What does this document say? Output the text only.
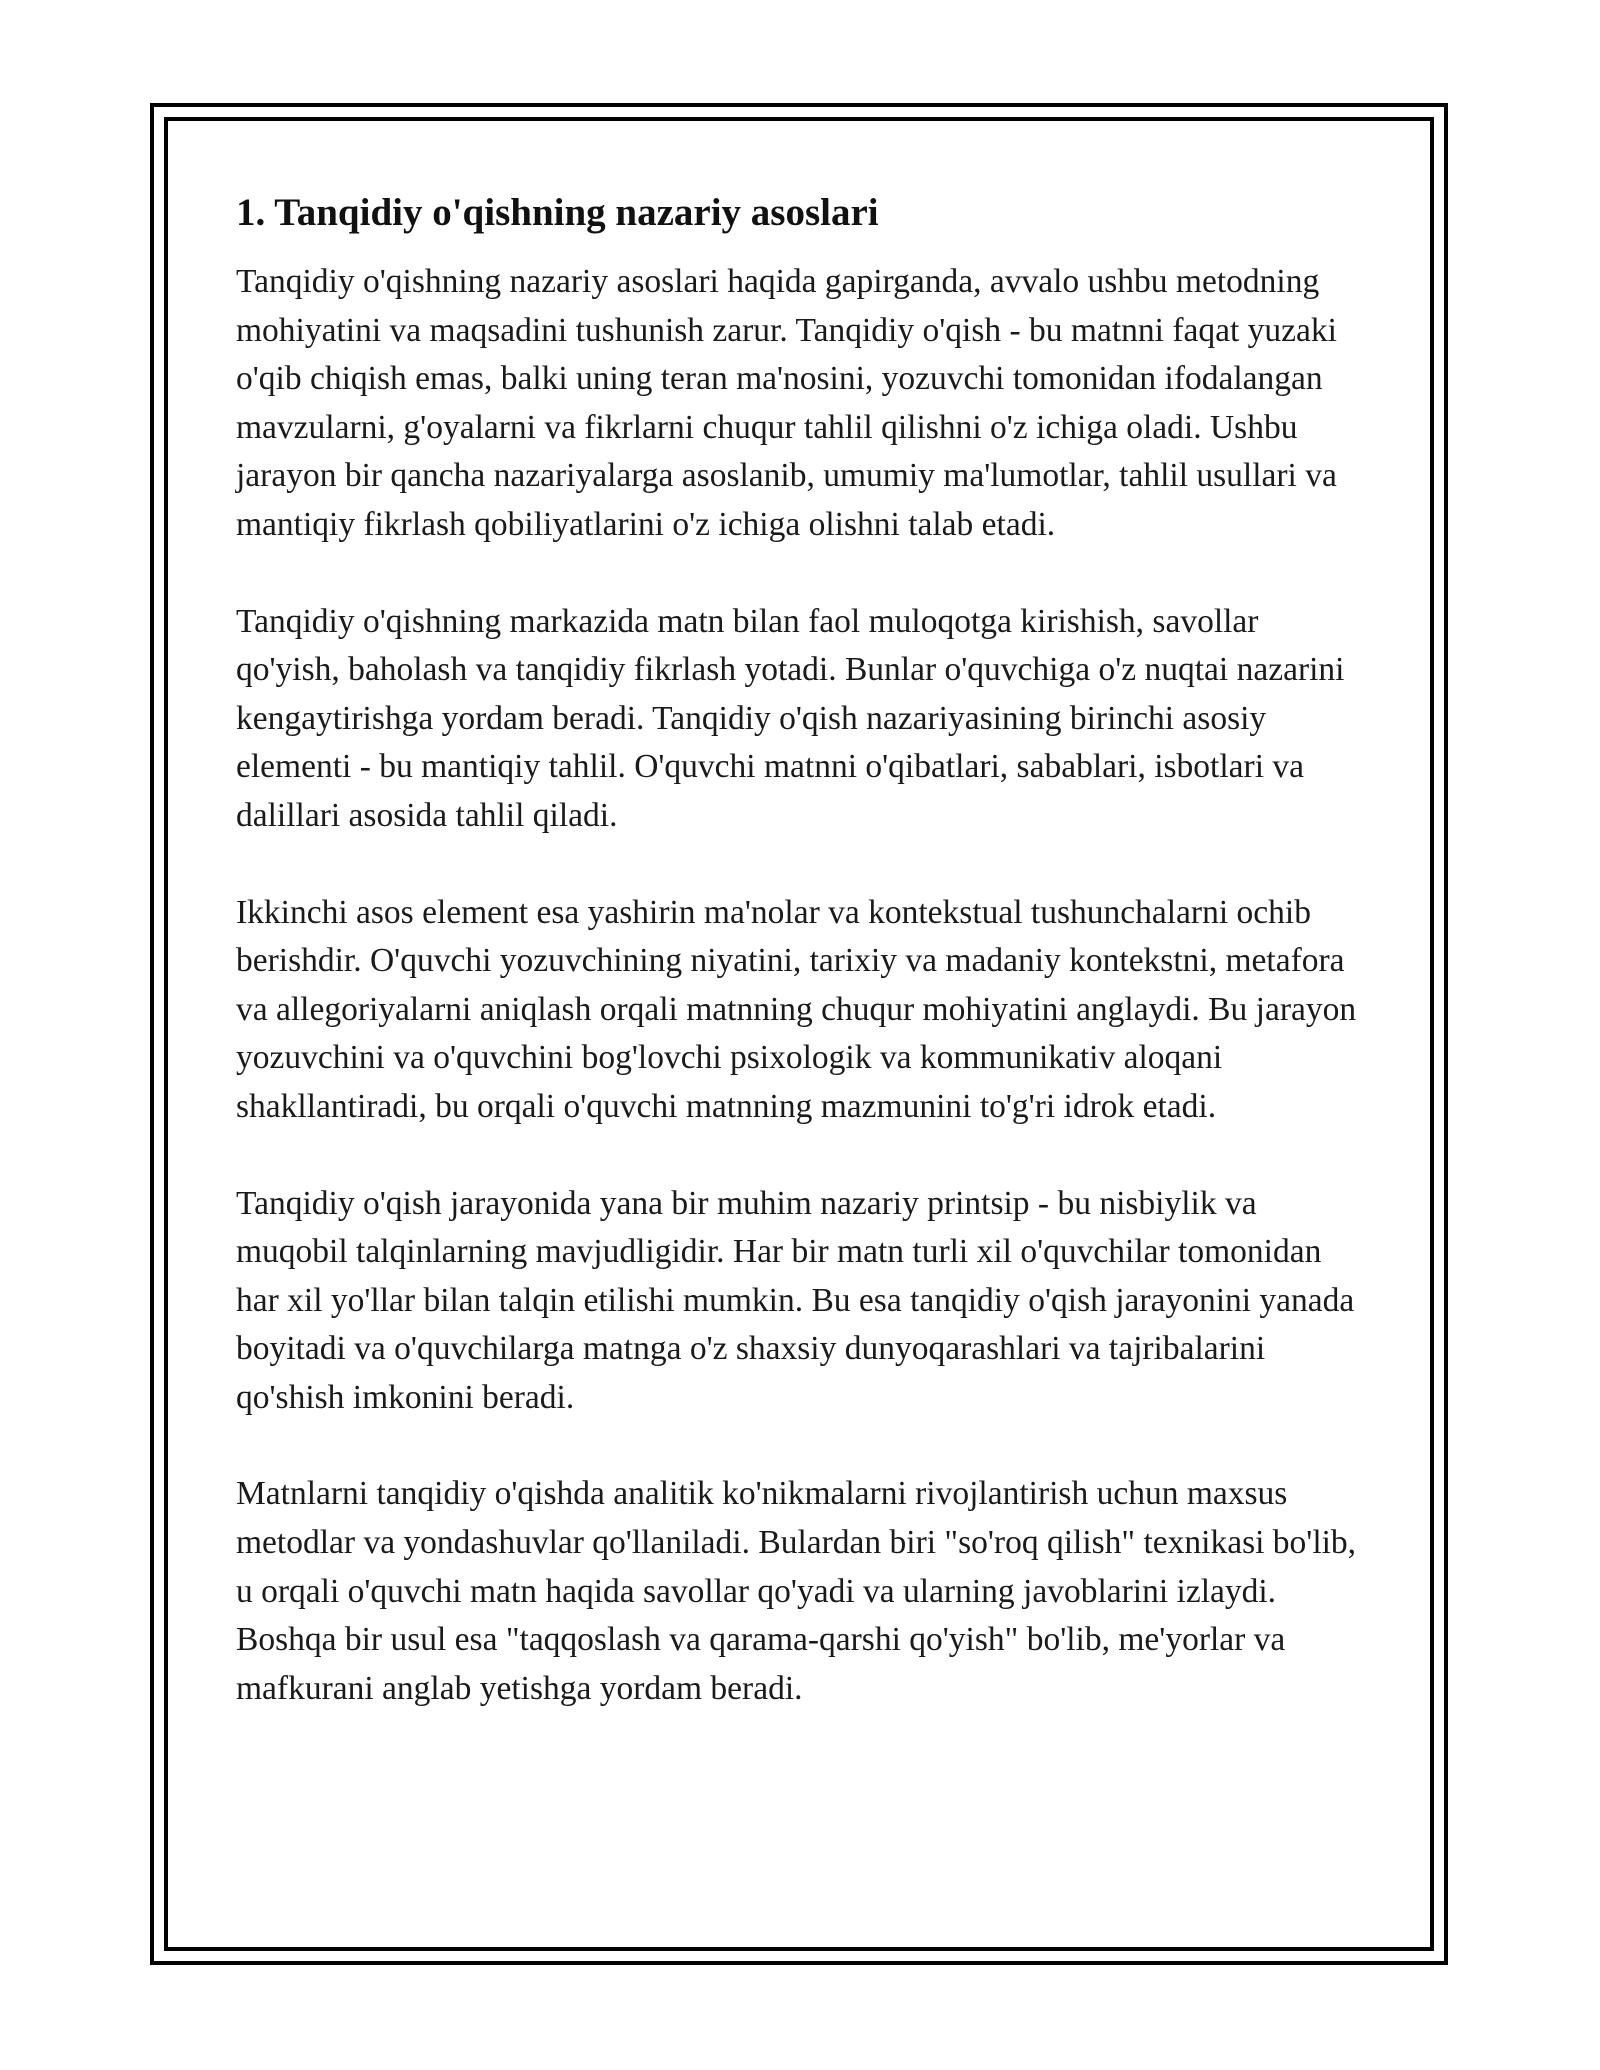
1. Tanqidiy o'qishning nazariy asoslari

Tanqidiy o'qishning nazariy asoslari haqida gapirganda, avvalo ushbu metodning mohiyatini va maqsadini tushunish zarur. Tanqidiy o'qish - bu matnni faqat yuzaki o'qib chiqish emas, balki uning teran ma'nosini, yozuvchi tomonidan ifodalangan mavzularni, g'oyalarni va fikrlarni chuqur tahlil qilishni o'z ichiga oladi. Ushbu jarayon bir qancha nazariyalarga asoslanib, umumiy ma'lumotlar, tahlil usullari va mantiqiy fikrlash qobiliyatlarini o'z ichiga olishni talab etadi.

Tanqidiy o'qishning markazida matn bilan faol muloqotga kirishish, savollar qo'yish, baholash va tanqidiy fikrlash yotadi. Bunlar o'quvchiga o'z nuqtai nazarini kengaytirishga yordam beradi. Tanqidiy o'qish nazariyasining birinchi asosiy elementi - bu mantiqiy tahlil. O'quvchi matnni o'qibatlari, sabablari, isbotlari va dalillari asosida tahlil qiladi.

Ikkinchi asos element esa yashirin ma'nolar va kontekstual tushunchalarni ochib berishdir. O'quvchi yozuvchining niyatini, tarixiy va madaniy kontekstni, metafora va allegoriyalarni aniqlash orqali matnning chuqur mohiyatini anglaydi. Bu jarayon yozuvchini va o'quvchini bog'lovchi psixologik va kommunikativ aloqani shakllantiradi, bu orqali o'quvchi matnning mazmunini to'g'ri idrok etadi.

Tanqidiy o'qish jarayonida yana bir muhim nazariy printsip - bu nisbiylik va muqobil talqinlarning mavjudligidir. Har bir matn turli xil o'quvchilar tomonidan har xil yo'llar bilan talqin etilishi mumkin. Bu esa tanqidiy o'qish jarayonini yanada boyitadi va o'quvchilarga matnga o'z shaxsiy dunyoqarashlari va tajribalarini qo'shish imkonini beradi.

Matnlarni tanqidiy o'qishda analitik ko'nikmalarni rivojlantirish uchun maxsus metodlar va yondashuvlar qo'llaniladi. Bulardan biri "so'roq qilish" texnikasi bo'lib, u orqali o'quvchi matn haqida savollar qo'yadi va ularning javoblarini izlaydi. Boshqa bir usul esa "taqqoslash va qarama-qarshi qo'yish" bo'lib, me'yorlar va mafkurani anglab yetishga yordam beradi.
